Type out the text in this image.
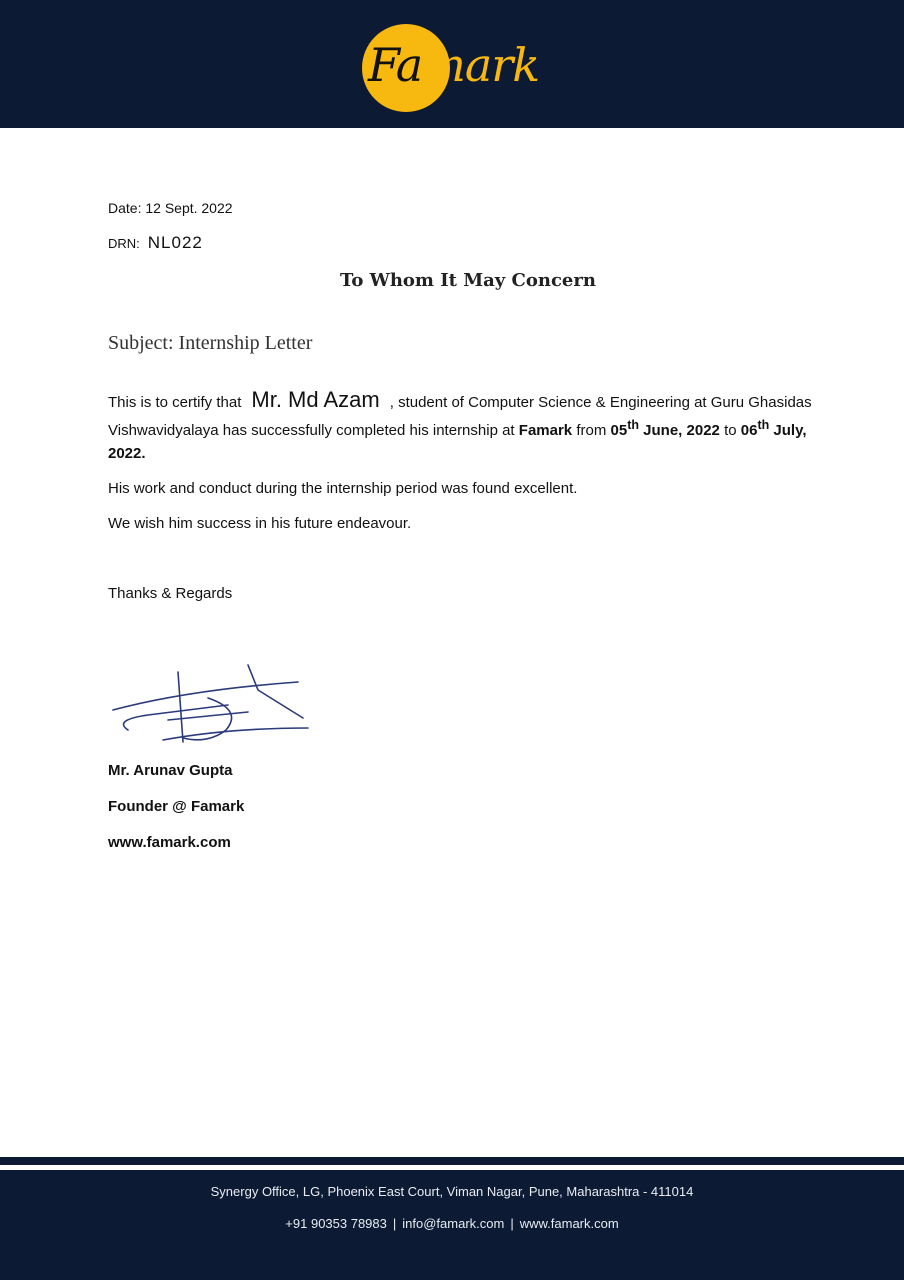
Famark
Date: 12 Sept. 2022
DRN: NL022
To Whom It May Concern
Subject: Internship Letter
This is to certify that Mr. Md Azam , student of Computer Science & Engineering at Guru Ghasidas Vishwavidyalaya has successfully completed his internship at Famark from 05th June, 2022 to 06th July, 2022.
His work and conduct during the internship period was found excellent.
We wish him success in his future endeavour.
Thanks & Regards
Mr. Arunav Gupta
Founder @ Famark
www.famark.com
Synergy Office, LG, Phoenix East Court, Viman Nagar, Pune, Maharashtra - 411014
+91 90353 78983 | info@famark.com | www.famark.com
